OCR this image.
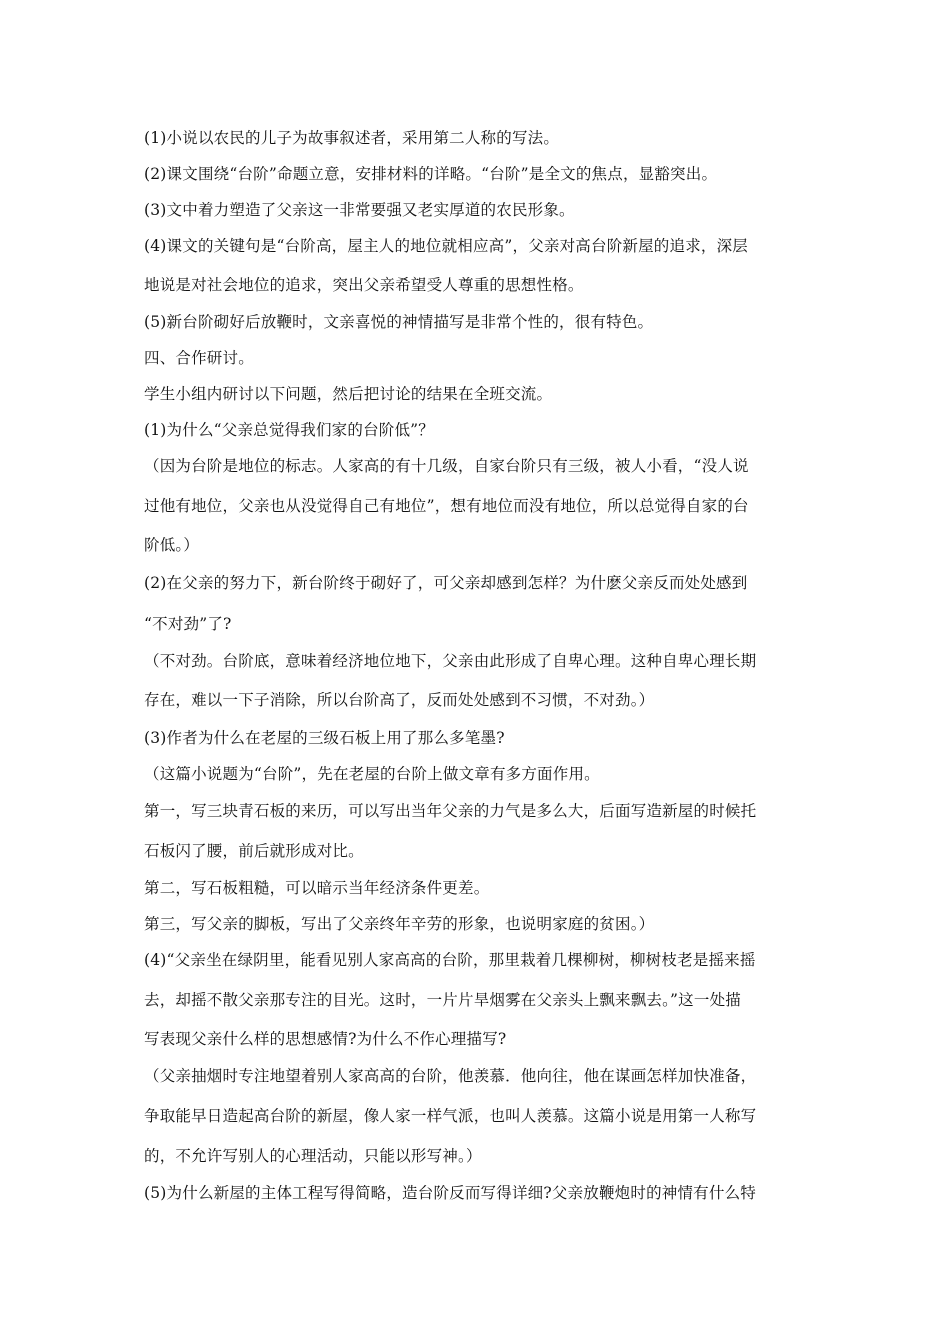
(1)小说以农民的儿子为故事叙述者，采用第二人称的写法。
(2)课文围绕“台阶”命题立意，安排材料的详略。“台阶”是全文的焦点，显豁突出。
(3)文中着力塑造了父亲这一非常要强又老实厚道的农民形象。
(4)课文的关键句是“台阶高，屋主人的地位就相应高”，父亲对高台阶新屋的追求，深层
地说是对社会地位的追求，突出父亲希望受人尊重的思想性格。
(5)新台阶砌好后放鞭时，文亲喜悦的神情描写是非常个性的，很有特色。
四、合作研讨。
学生小组内研讨以下问题，然后把讨论的结果在全班交流。
(1)为什么“父亲总觉得我们家的台阶低”？
（因为台阶是地位的标志。人家高的有十几级，自家台阶只有三级，被人小看，“没人说
过他有地位，父亲也从没觉得自己有地位”，想有地位而没有地位，所以总觉得自家的台
阶低。）
(2)在父亲的努力下，新台阶终于砌好了，可父亲却感到怎样？为什麽父亲反而处处感到
“不对劲”了?
（不对劲。台阶底，意味着经济地位地下，父亲由此形成了自卑心理。这种自卑心理长期
存在，难以一下子消除，所以台阶高了，反而处处感到不习惯，不对劲。）
(3)作者为什么在老屋的三级石板上用了那么多笔墨?
（这篇小说题为“台阶”，先在老屋的台阶上做文章有多方面作用。
第一，写三块青石板的来历，可以写出当年父亲的力气是多么大，后面写造新屋的时候托
石板闪了腰，前后就形成对比。
第二，写石板粗糙，可以暗示当年经济条件更差。
第三，写父亲的脚板，写出了父亲终年辛劳的形象，也说明家庭的贫困。）
(4)“父亲坐在绿阴里，能看见别人家高高的台阶，那里栽着几棵柳树，柳树枝老是摇来摇
去，却摇不散父亲那专注的目光。这时，一片片旱烟雾在父亲头上飘来飘去。”这一处描
写表现父亲什么样的思想感情?为什么不作心理描写?
（父亲抽烟时专注地望着别人家高高的台阶，他羡慕．他向往，他在谋画怎样加快准备，
争取能早日造起高台阶的新屋，像人家一样气派，也叫人羡慕。这篇小说是用第一人称写
的，不允许写别人的心理活动，只能以形写神。）
(5)为什么新屋的主体工程写得简略，造台阶反而写得详细?父亲放鞭炮时的神情有什么特
